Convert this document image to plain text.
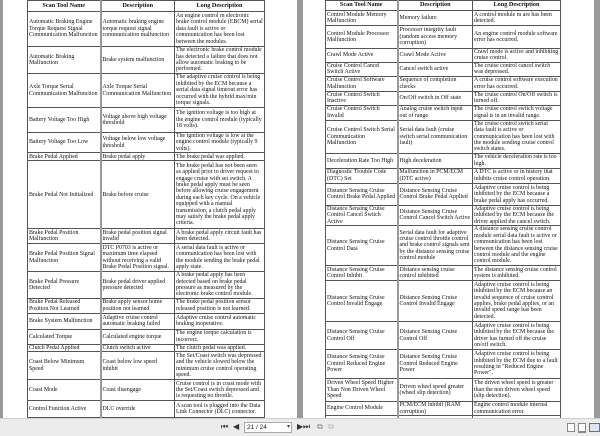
Scan Tool Name	Description	Long Description
Automatic Braking Engine Torque Request Signal Communication Malfunction	Automatic braking engine torque request signal communication malfunction	An engine control m electronic brake control module (EBCM) serial data fault is active or communication has been lost between the modules.
Automatic Braking Malfunction	Brake system malfunction	The electronic brake control module has detected a failure that does not allow automatic braking to be performed.
Axle Torque Serial Communication Malfunction	Axle Torque Serial Communication Malfunction	The adaptive cruise control is being inhibited by the ECM because a serial data signal timeout error has occurred with the hybrid max/min torque signals.
Battery Voltage Too High	Voltage above high voltage threshold	The ignition voltage is too high at the engine control module (typically 18 volts).
Battery Voltage Too Low	Voltage below low voltage threshold	The ignition voltage is low at the engine control module (typically 9 volts).
Brake Pedal Applied	Brake pedal apply	The brake pedal was applied.
Brake Pedal Not Initialized	Brake before cruise	The brake pedal has not been seen as applied prior to driver request to engage cruise with set switch. A brake pedal apply must be seen before allowing cruise engagement during each key cycle. On a vehicle equipped with a manual transmission, a clutch pedal apply may satisfy the brake pedal apply criteria.
Brake Pedal Position Malfunction	Brake pedal position signal invalid	A brake pedal apply circuit fault has been detected.
Brake Pedal Position Signal Malfunction	DTC P0703 is active or maximum time elapsed without receiving a valid Brake Pedal Position signal.	A serial data fault is active or communication has been lost with the module sending the brake pedal apply state.
Brake Pedal Pressure Detected	Brake pedal driver applied pressure detected	A brake pedal apply has been detected based on brake pedal pressure as measured by the electronic brake control module.
Brake Pedal Released Position Not Learned	Brake apply sensor home position not learned	The brake pedal position sensor released position is not learned.
Brake System Malfunction	Adaptive cruise control automatic braking failed	Adaptive cruise control automatic braking inoperative.
Calculated Torque	Calculated engine torque	The engine torque calculation is incorrect.
Clutch Pedal Applied	Clutch switch active	The clutch pedal was applied.
Coast Below Minimum Speed	Coast below low speed inhibit	The Set/Coast switch was depressed and the vehicle slowed below the minimum cruise control operating speed.
Coast Mode	Coast disengage	Cruise control is in coast mode with the Set/Coast switch depressed and is requesting no throttle.
Control Function Active	DLC override	A scan tool is plugged into the Data Link Connector (DLC) connector.

Scan Tool Name	Description	Long Description
Control Module Memory Malfunction	Memory failure	A control module m are has been detected.
Control Module Processor Malfunction	Processor integrity fault (random access memory corruption)	An engine control module software error has occurred.
Crawl Mode Active	Crawl Mode Active	Crawl mode is active and inhibiting cruise control.
Cruise Control Cancel Switch Active	Cancel switch active	The cruise control cancel switch was depressed.
Cruise Control Software Malfunction	Sequence of completion checks	A cruise control software execution error has occurred.
Cruise Control Switch Inactive	On/Off switch in Off state	The cruise control On/Off switch is turned off.
Cruise Control Switch Invalid	Analog cruise switch input out of range	The cruise control switch voltage signal is in an invalid range.
Cruise Control Switch Serial Communication Malfunction	Serial data fault (cruise switch serial communication fault)	The cruise control switch serial data fault is active or communication has been lost with the module sending cruise control switch states.
Deceleration Rate Too High	High deceleration	The vehicle deceleration rate is too high.
Diagnostic Trouble Code (DTC) Set	Malfunction in PCM/ECM (DTC active)	A DTC is active or in history that inhibits cruise control operation.
Distance Sensing Cruise Control Brake Pedal Applied	Distance Sensing Cruise Control Brake Pedal Applied	Adaptive cruise control is being inhibited by the ECM because a brake pedal apply has occurred.
Distance Sensing Cruise Control Cancel Switch Active	Distance Sensing Cruise Control Cancel Switch Active	Adaptive cruise control is being inhibited by the ECM because the driver applied the cancel switch.
Distance Sensing Cruise Control Data	Serial data fault for adaptive cruise control throttle control and brake control signals sent by the distance sensing cruise control module	A distance sensing cruise control module serial data fault is active or communication has been lost between the distance sensing cruise control module and the engine control module.
Distance Sensing Cruise Control Inhibit	Distance sensing cruise control inhibited	The distance sensing cruise control system is inhibited.
Distance Sensing Cruise Control Invalid Engage	Distance Sensing Cruise Control Invalid Engage	Adaptive cruise control is being inhibited by the ECM because an invalid sequence of cruise control applies, brake pedal applies, or an invalid speed range has been detected.
Distance Sensing Cruise Control Off	Distance Sensing Cruise Control Off	Adaptive cruise control is being inhibited by the ECM because the driver has turned off the cruise on/off switch.
Distance Sensing Cruise Control Reduced Engine Power	Distance Sensing Cruise Control Reduced Engine Power	Adaptive cruise control is being inhibited by the ECM due to a fault resulting in "Reduced Engine Power".
Driven Wheel Speed Higher Than Non Driven Wheel Speed	Driven wheel speed greater (wheel slip detection)	The driven wheel speed is greater than the non driven wheel speed (slip detection).
Engine Control Module	PCM/ECM inhibit (RAM corruption)	Engine control module internal communication error.

⏮ ◀	21 / 24	▾ ▶ ⏭ ⧉ ⧉
